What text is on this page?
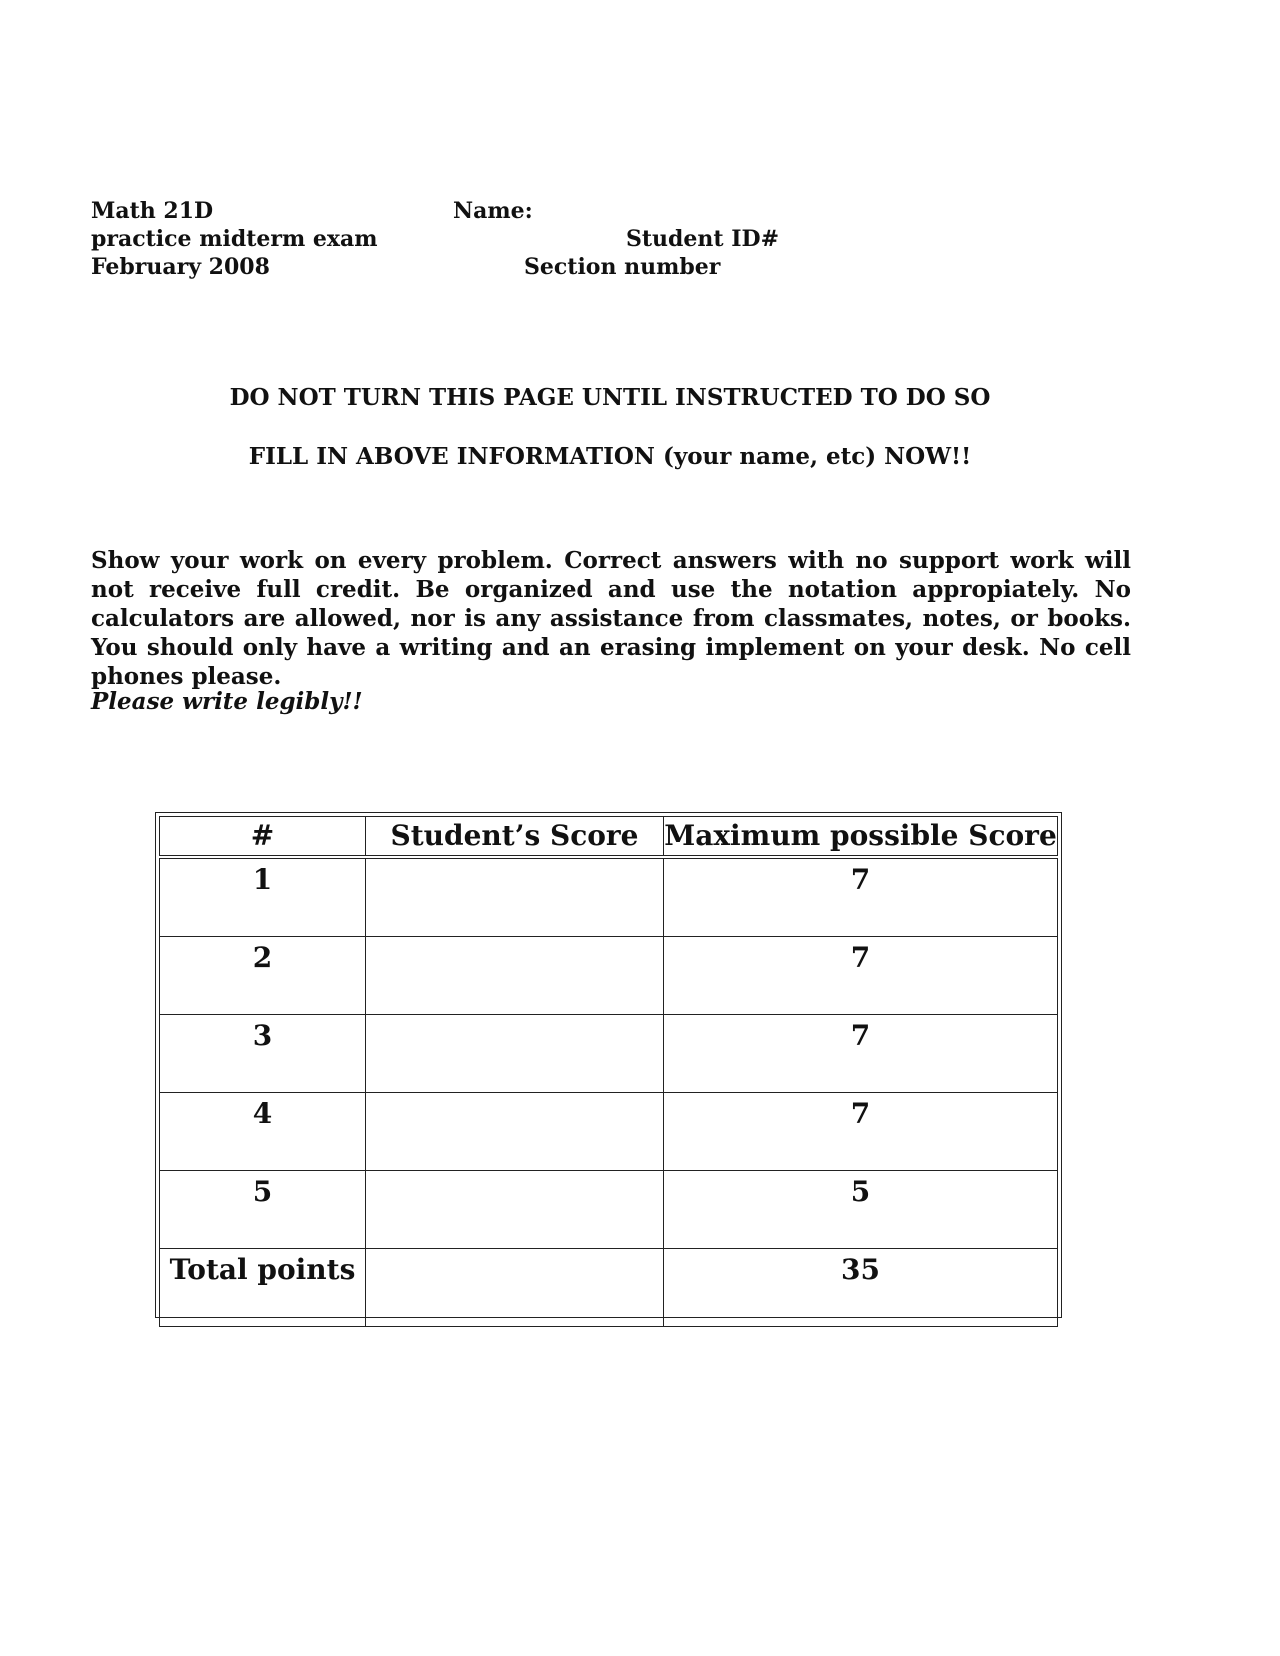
Math 21D
practice midterm exam
February 2008
Name:
Student ID#
Section number
DO NOT TURN THIS PAGE UNTIL INSTRUCTED TO DO SO
FILL IN ABOVE INFORMATION (your name, etc) NOW!!
Show your work on every problem. Correct answers with no support work will not receive full credit. Be organized and use the notation appropiately. No calculators are allowed, nor is any assistance from classmates, notes, or books. You should only have a writing and an erasing implement on your desk. No cell phones please.
Please write legibly!!
#	Student’s Score	Maximum possible Score
1		7
2		7
3		7
4		7
5		5
Total points		35
